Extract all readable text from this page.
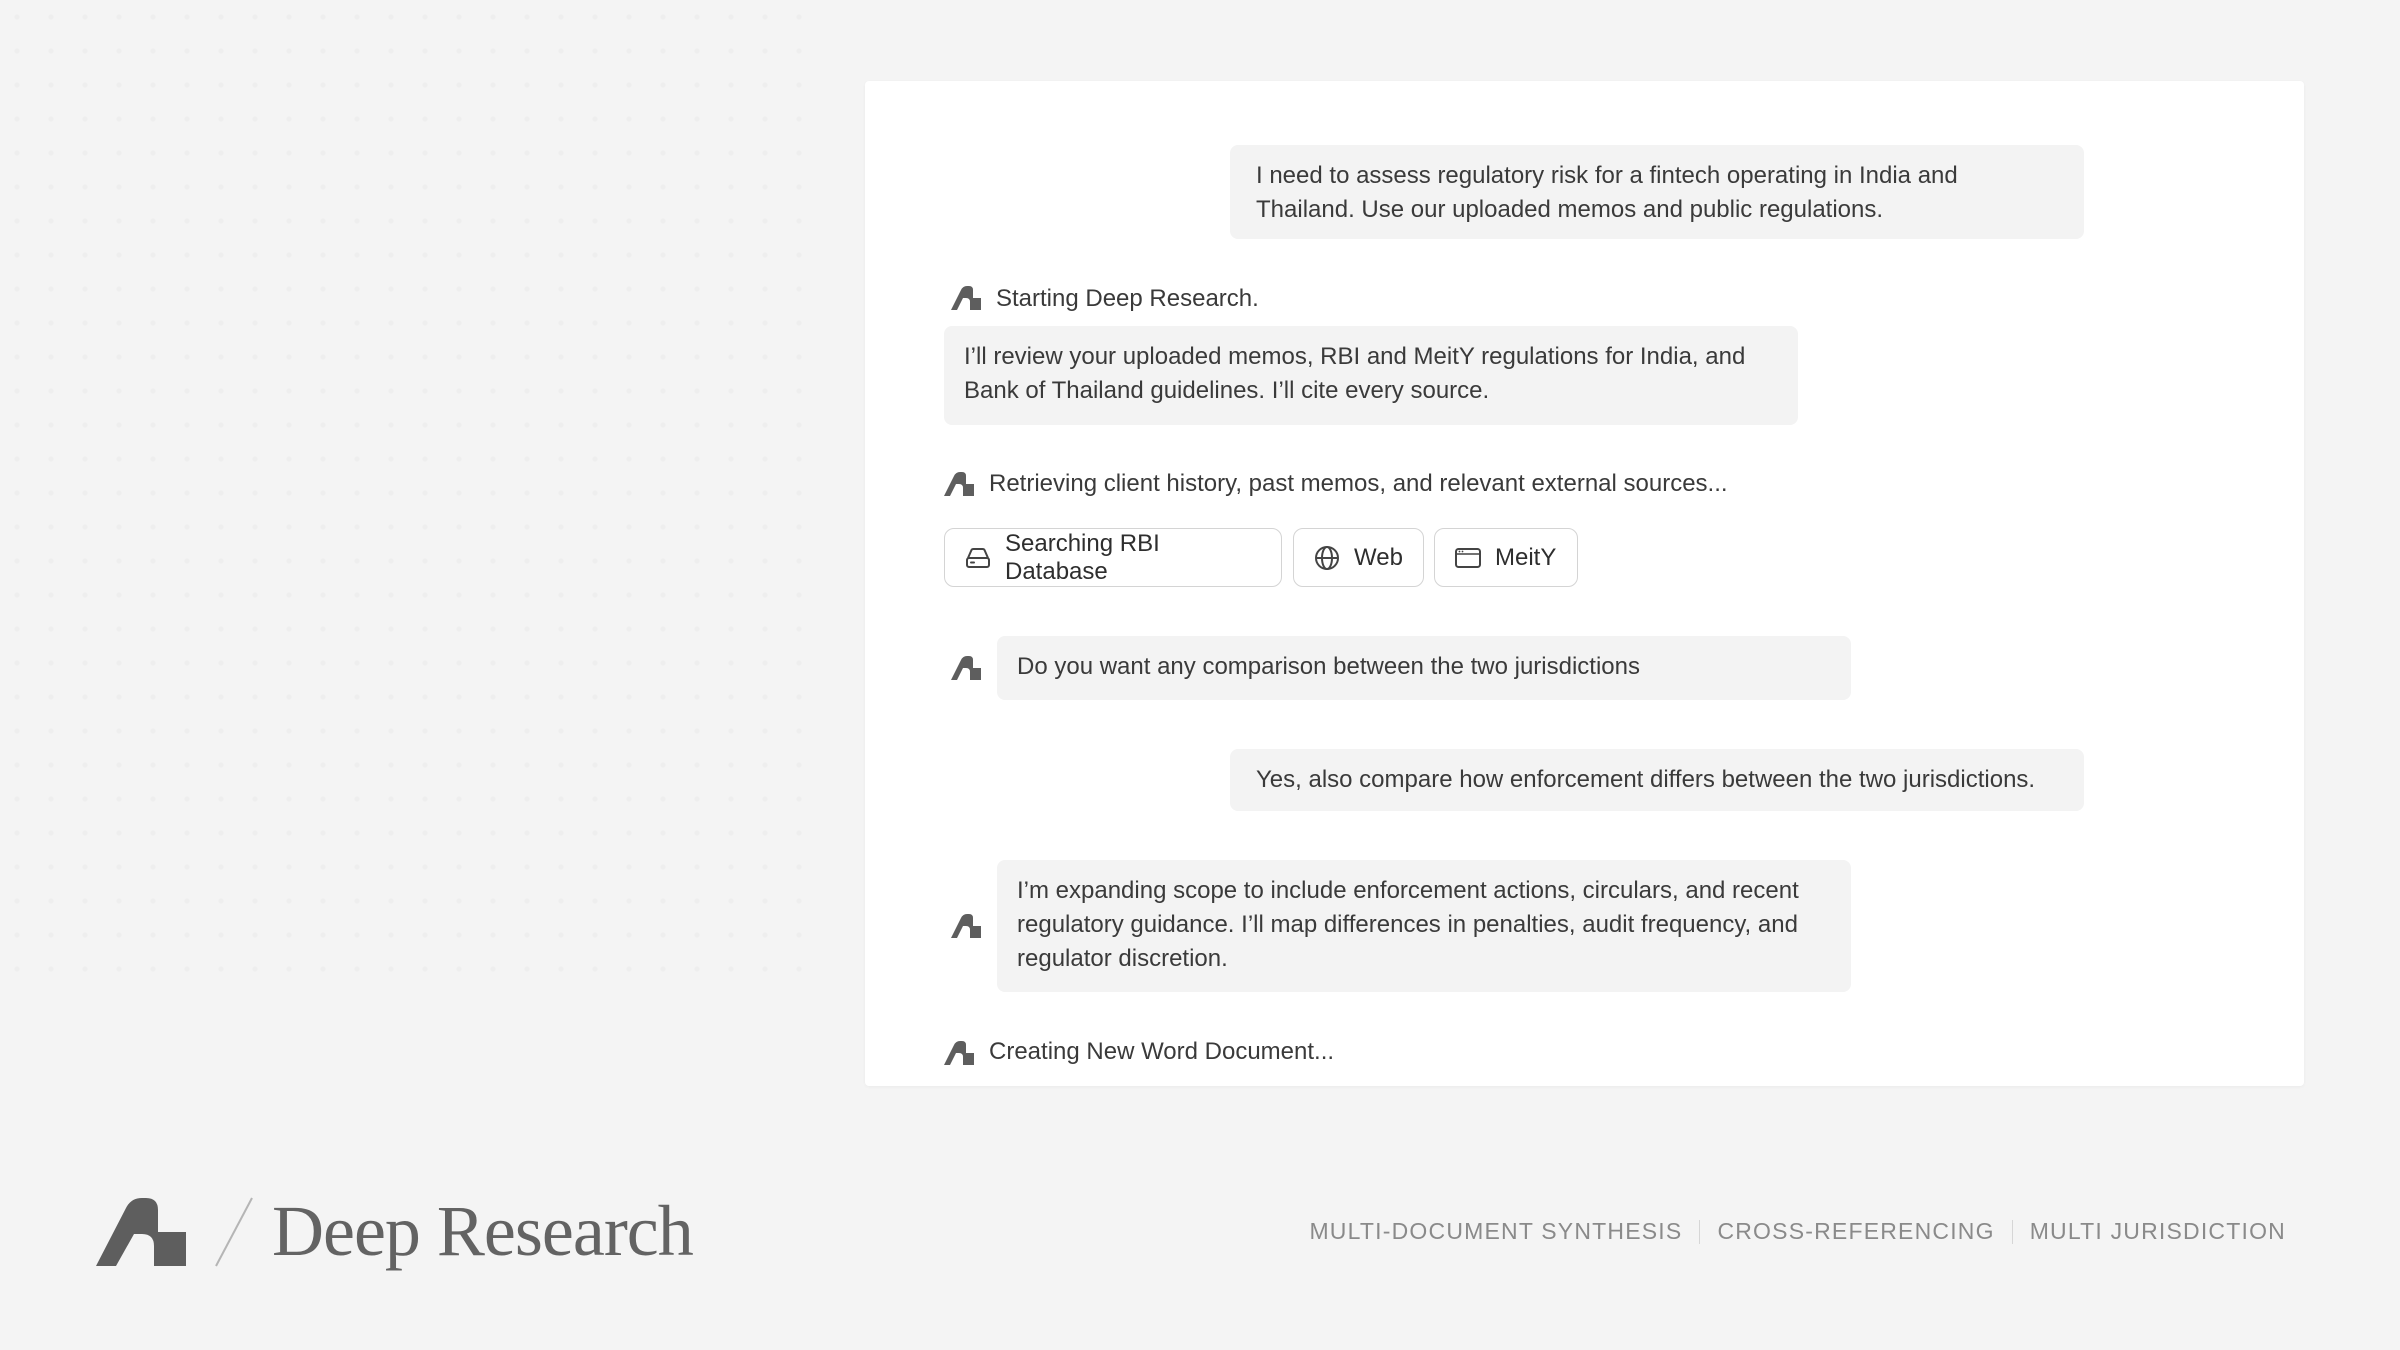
I need to assess regulatory risk for a fintech operating in India and Thailand. Use our uploaded memos and public regulations.
Starting Deep Research.
I’ll review your uploaded memos, RBI and MeitY regulations for India, and Bank of Thailand guidelines. I’ll cite every source.
Retrieving client history, past memos, and relevant external sources...
Searching RBI Database
Web	MeitY
Do you want any comparison between the two jurisdictions
Yes, also compare how enforcement differs between the two jurisdictions.
I’m expanding scope to include enforcement actions, circulars, and recent regulatory guidance. I’ll map differences in penalties, audit frequency, and regulator discretion.
Creating New Word Document...
Deep Research	MULTI-DOCUMENT SYNTHESIS CROSS-REFERENCING MULTI JURISDICTION
